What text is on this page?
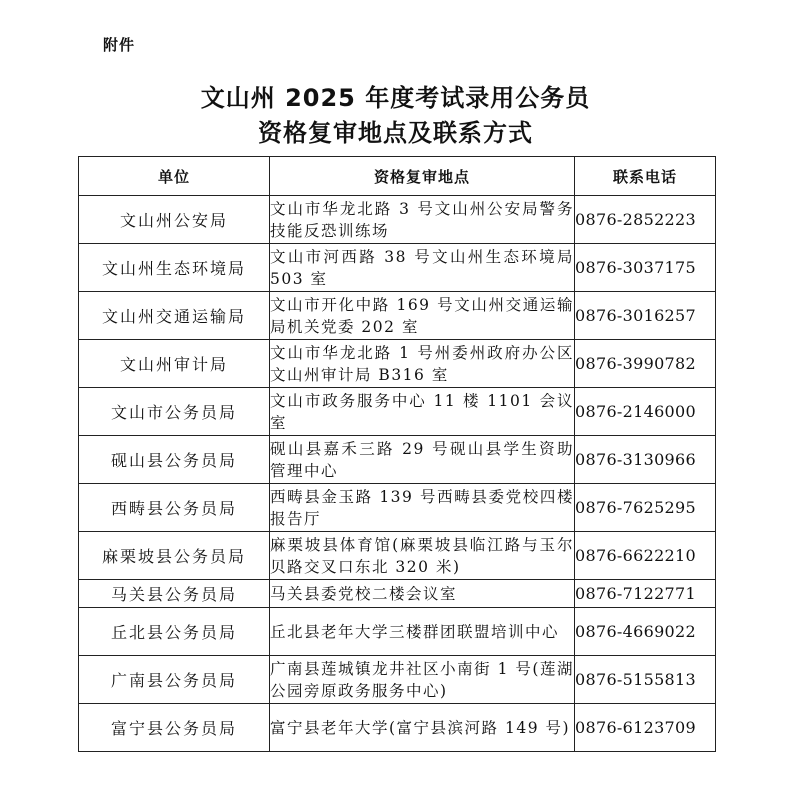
附件
文山州 2025 年度考试录用公务员
资格复审地点及联系方式
单位	资格复审地点	联系电话
文山州公安局	文山市华龙北路 3 号文山州公安局警务技能反恐训练场	0876-2852223
文山州生态环境局	文山市河西路 38 号文山州生态环境局 503 室	0876-3037175
文山州交通运输局	文山市开化中路 169 号文山州交通运输局机关党委 202 室	0876-3016257
文山州审计局	文山市华龙北路 1 号州委州政府办公区文山州审计局 B316 室	0876-3990782
文山市公务员局	文山市政务服务中心 11 楼 1101 会议室	0876-2146000
砚山县公务员局	砚山县嘉禾三路 29 号砚山县学生资助管理中心	0876-3130966
西畴县公务员局	西畴县金玉路 139 号西畴县委党校四楼报告厅	0876-7625295
麻栗坡县公务员局	麻栗坡县体育馆(麻栗坡县临江路与玉尔贝路交叉口东北 320 米)	0876-6622210
马关县公务员局	马关县委党校二楼会议室	0876-7122771
丘北县公务员局	丘北县老年大学三楼群团联盟培训中心	0876-4669022
广南县公务员局	广南县莲城镇龙井社区小南街 1 号(莲湖公园旁原政务服务中心)	0876-5155813
富宁县公务员局	富宁县老年大学(富宁县滨河路 149 号)	0876-6123709
